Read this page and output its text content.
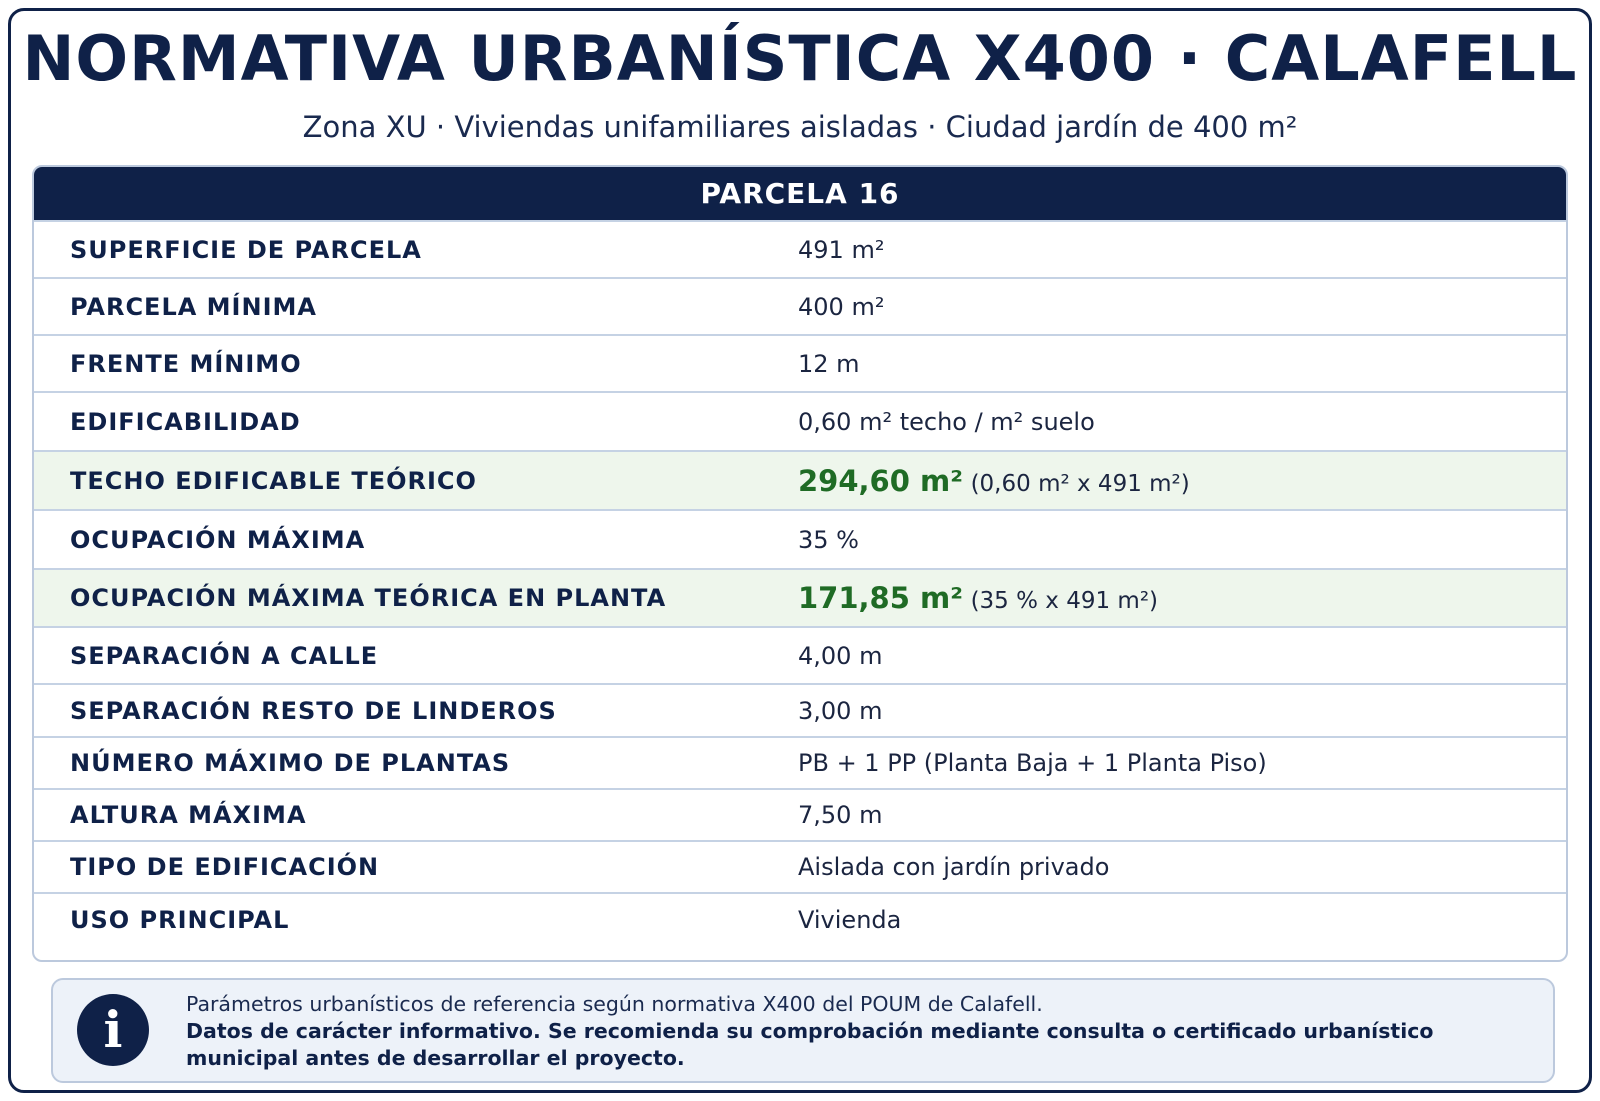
NORMATIVA URBANÍSTICA X400 · CALAFELL
Zona XU · Viviendas unifamiliares aisladas · Ciudad jardín de 400 m²
PARCELA 16
SUPERFICIE DE PARCELA	491 m²
PARCELA MÍNIMA	400 m²
FRENTE MÍNIMO	12 m
EDIFICABILIDAD	0,60 m² techo / m² suelo
TECHO EDIFICABLE TEÓRICO	294,60 m² (0,60 m² x 491 m²)
OCUPACIÓN MÁXIMA	35 %
OCUPACIÓN MÁXIMA TEÓRICA EN PLANTA	171,85 m² (35 % x 491 m²)
SEPARACIÓN A CALLE	4,00 m
SEPARACIÓN RESTO DE LINDEROS	3,00 m
NÚMERO MÁXIMO DE PLANTAS	PB + 1 PP (Planta Baja + 1 Planta Piso)
ALTURA MÁXIMA	7,50 m
TIPO DE EDIFICACIÓN	Aislada con jardín privado
USO PRINCIPAL	Vivienda
i	Parámetros urbanísticos de referencia según normativa X400 del POUM de Calafell.
Datos de carácter informativo. Se recomienda su comprobación mediante consulta o certificado urbanístico
municipal antes de desarrollar el proyecto.
